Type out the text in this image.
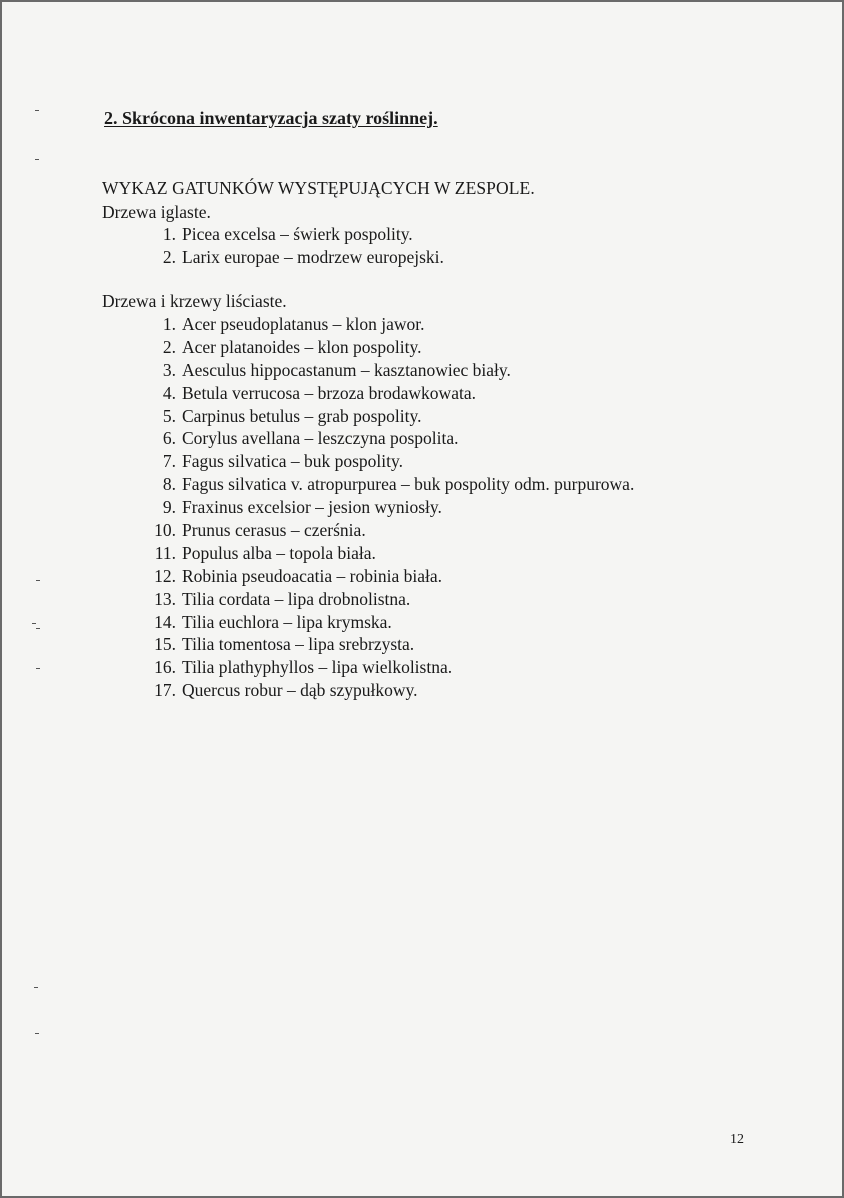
2. Skrócona inwentaryzacja szaty roślinnej.

WYKAZ GATUNKÓW WYSTĘPUJĄCYCH W ZESPOLE.

Drzewa iglaste.

1. Picea excelsa – świerk pospolity.
2. Larix europae – modrzew europejski.

Drzewa i krzewy liściaste.

1. Acer pseudoplatanus – klon jawor.
2. Acer platanoides – klon pospolity.
3. Aesculus hippocastanum – kasztanowiec biały.
4. Betula verrucosa – brzoza brodawkowata.
5. Carpinus betulus – grab pospolity.
6. Corylus avellana – leszczyna pospolita.
7. Fagus silvatica – buk pospolity.
8. Fagus silvatica v. atropurpurea – buk pospolity odm. purpurowa.
9. Fraxinus excelsior – jesion wyniosły.
10. Prunus cerasus – czerśnia.
11. Populus alba – topola biała.
12. Robinia pseudoacatia – robinia biała.
13. Tilia cordata – lipa drobnolistna.
14. Tilia euchlora – lipa krymska.
15. Tilia tomentosa – lipa srebrzysta.
16. Tilia plathyphyllos – lipa wielkolistna.
17. Quercus robur – dąb szypułkowy.

12
